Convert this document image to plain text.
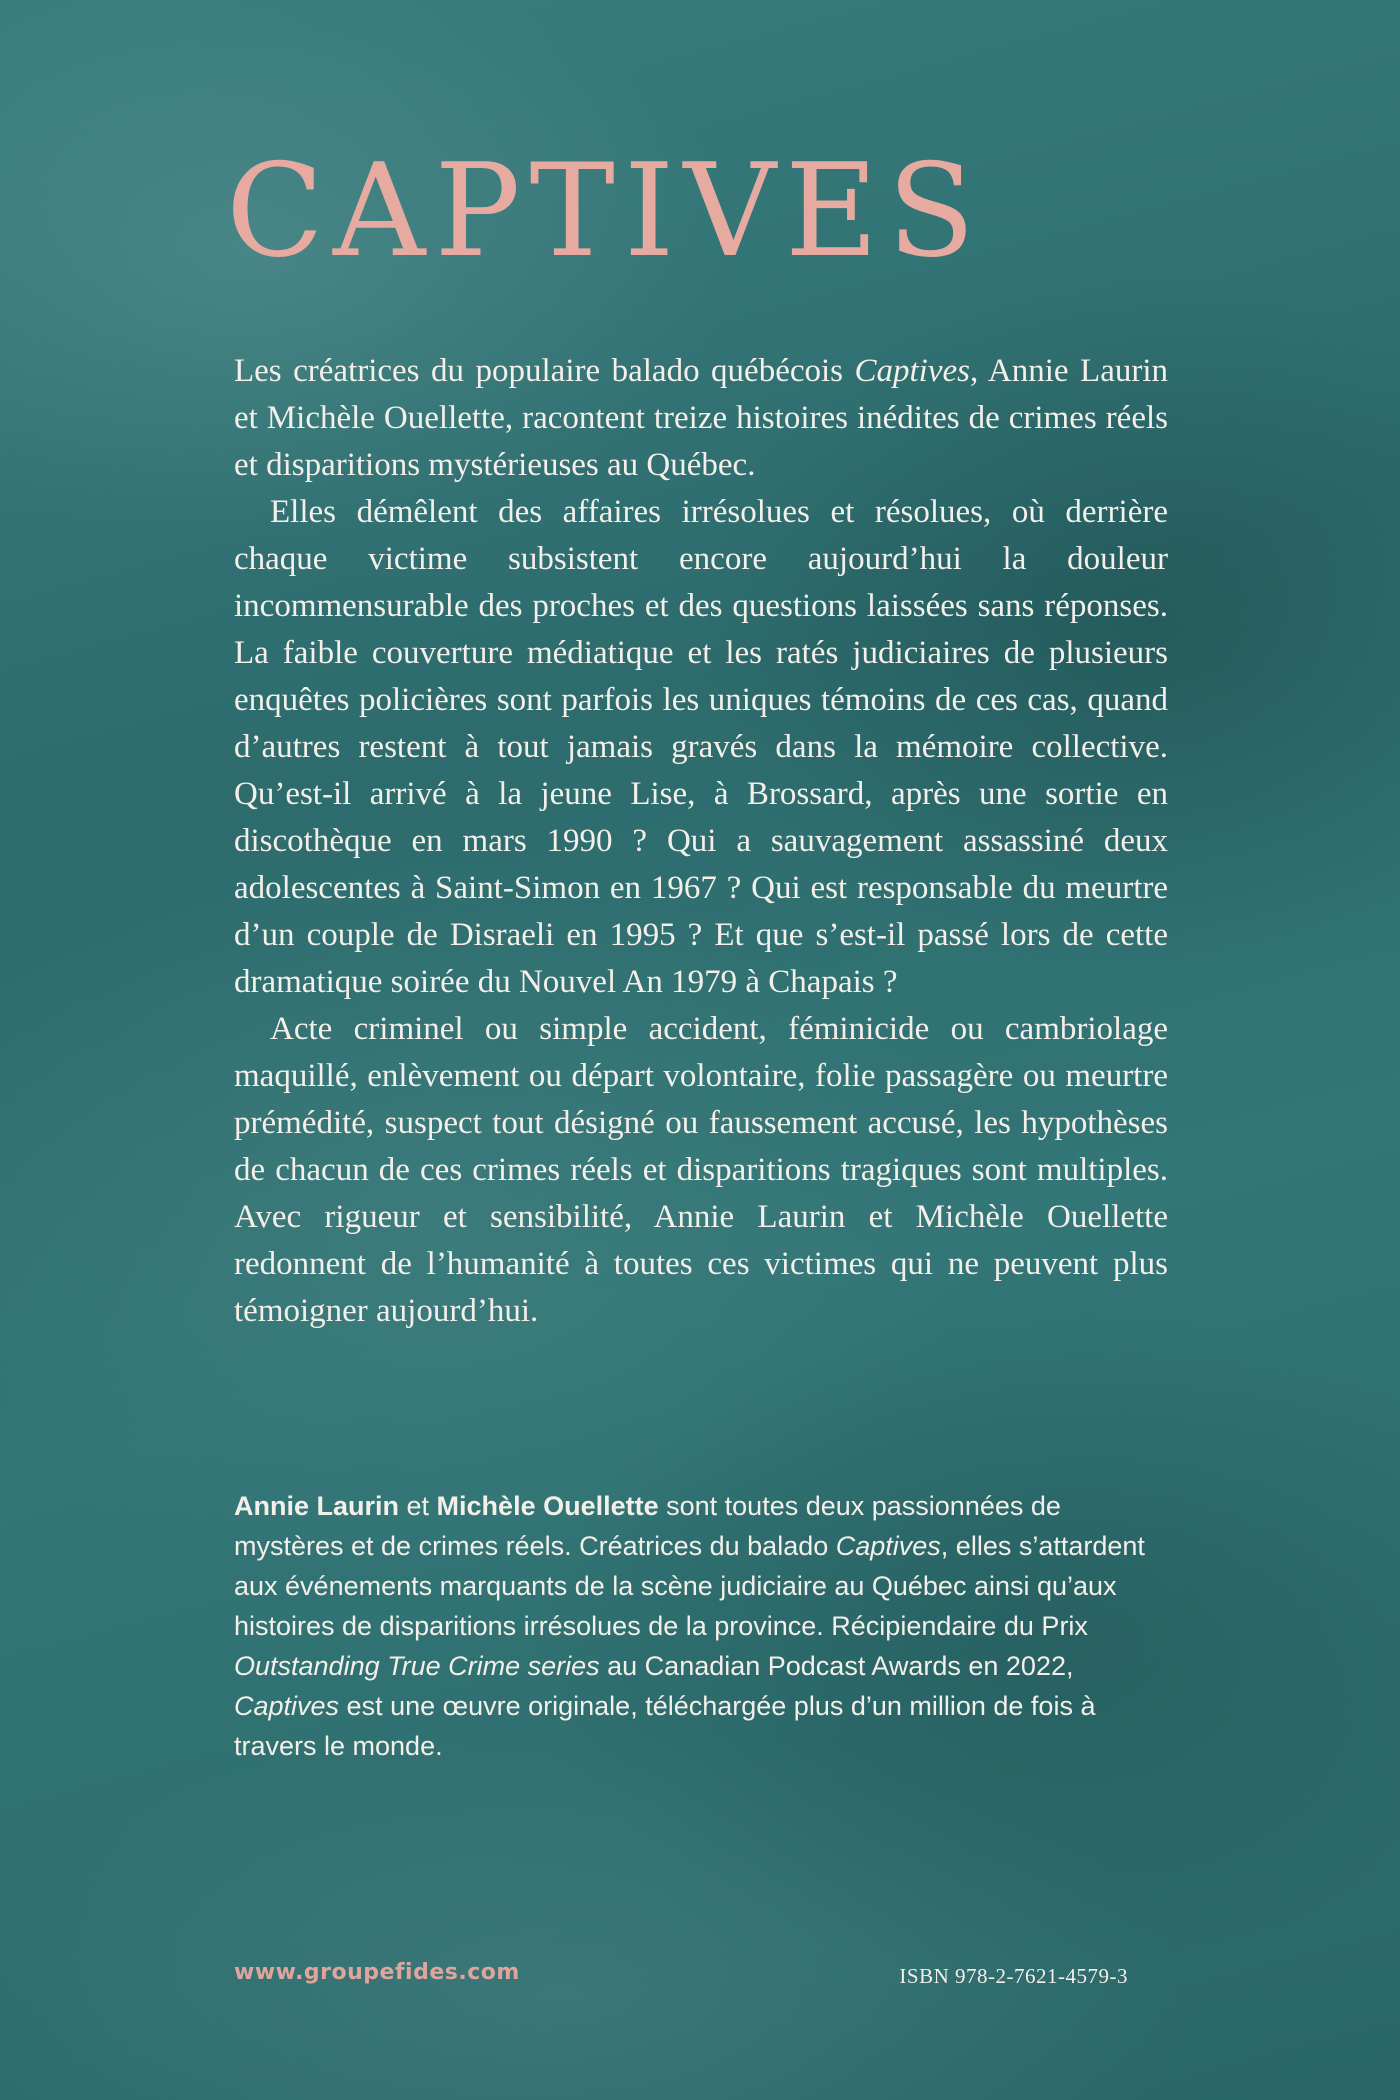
CAPTIVES

Les créatrices du populaire balado québécois Captives, Annie Laurin et Michèle Ouellette, racontent treize histoires inédites de crimes réels et disparitions mystérieuses au Québec.

Elles démêlent des affaires irrésolues et résolues, où derrière chaque victime subsistent encore aujourd’hui la douleur incommensurable des proches et des questions laissées sans réponses. La faible couverture médiatique et les ratés judiciaires de plusieurs enquêtes policières sont parfois les uniques témoins de ces cas, quand d’autres restent à tout jamais gravés dans la mémoire collective. Qu’est-il arrivé à la jeune Lise, à Brossard, après une sortie en discothèque en mars 1990 ? Qui a sauvagement assassiné deux adolescentes à Saint-Simon en 1967 ? Qui est responsable du meurtre d’un couple de Disraeli en 1995 ? Et que s’est-il passé lors de cette dramatique soirée du Nouvel An 1979 à Chapais ?

Acte criminel ou simple accident, féminicide ou cambriolage maquillé, enlèvement ou départ volontaire, folie passagère ou meurtre prémédité, suspect tout désigné ou faussement accusé, les hypothèses de chacun de ces crimes réels et disparitions tragiques sont multiples. Avec rigueur et sensibilité, Annie Laurin et Michèle Ouellette redonnent de l’humanité à toutes ces victimes qui ne peuvent plus témoigner aujourd’hui.

Annie Laurin et Michèle Ouellette sont toutes deux passionnées de mystères et de crimes réels. Créatrices du balado Captives, elles s’attardent aux événements marquants de la scène judiciaire au Québec ainsi qu’aux histoires de disparitions irrésolues de la province. Récipiendaire du Prix Outstanding True Crime series au Canadian Podcast Awards en 2022, Captives est une œuvre originale, téléchargée plus d’un million de fois à travers le monde.

www.groupefides.com	ISBN 978-2-7621-4579-3
